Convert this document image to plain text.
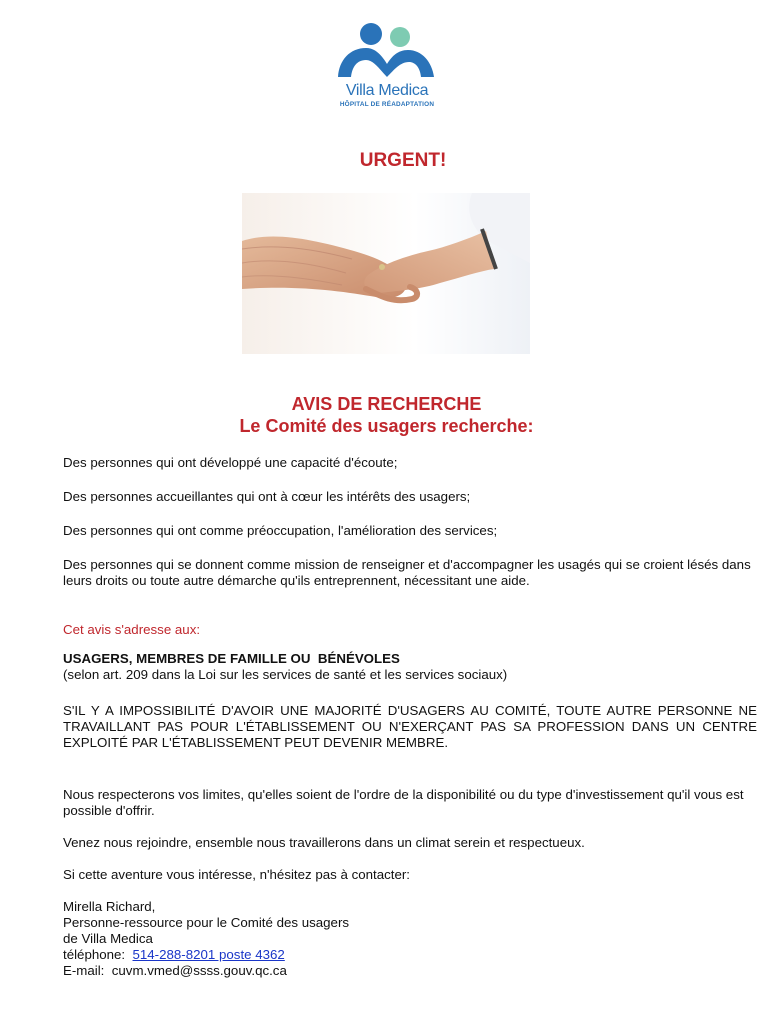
Villa Medica
HÔPITAL DE RÉADAPTATION
URGENT!
AVIS DE RECHERCHE
Le Comité des usagers recherche:
Des personnes qui ont développé une capacité d'écoute;
Des personnes accueillantes qui ont à cœur les intérêts des usagers;
Des personnes qui ont comme préoccupation, l'amélioration des services;
Des personnes qui se donnent comme mission de renseigner et d'accompagner les usagés qui se croient lésés dans leurs droits ou toute autre démarche qu'ils entreprennent, nécessitant une aide.
Cet avis s'adresse aux:
USAGERS, MEMBRES DE FAMILLE OU  BÉNÉVOLES
(selon art. 209 dans la Loi sur les services de santé et les services sociaux)
S'IL Y A IMPOSSIBILITÉ D'AVOIR UNE MAJORITÉ D'USAGERS AU COMITÉ, TOUTE AUTRE PERSONNE NE TRAVAILLANT PAS POUR L'ÉTABLISSEMENT OU N'EXERÇANT PAS SA PROFESSION DANS UN CENTRE EXPLOITÉ PAR L'ÉTABLISSEMENT PEUT DEVENIR MEMBRE.
Nous respecterons vos limites, qu'elles soient de l'ordre de la disponibilité ou du type d'investissement qu'il vous est possible d'offrir.
Venez nous rejoindre, ensemble nous travaillerons dans un climat serein et respectueux.
Si cette aventure vous intéresse, n'hésitez pas à contacter:
Mirella Richard,
Personne-ressource pour le Comité des usagers
de Villa Medica
téléphone: 514-288-8201 poste 4362
E-mail: cuvm.vmed@ssss.gouv.qc.ca
